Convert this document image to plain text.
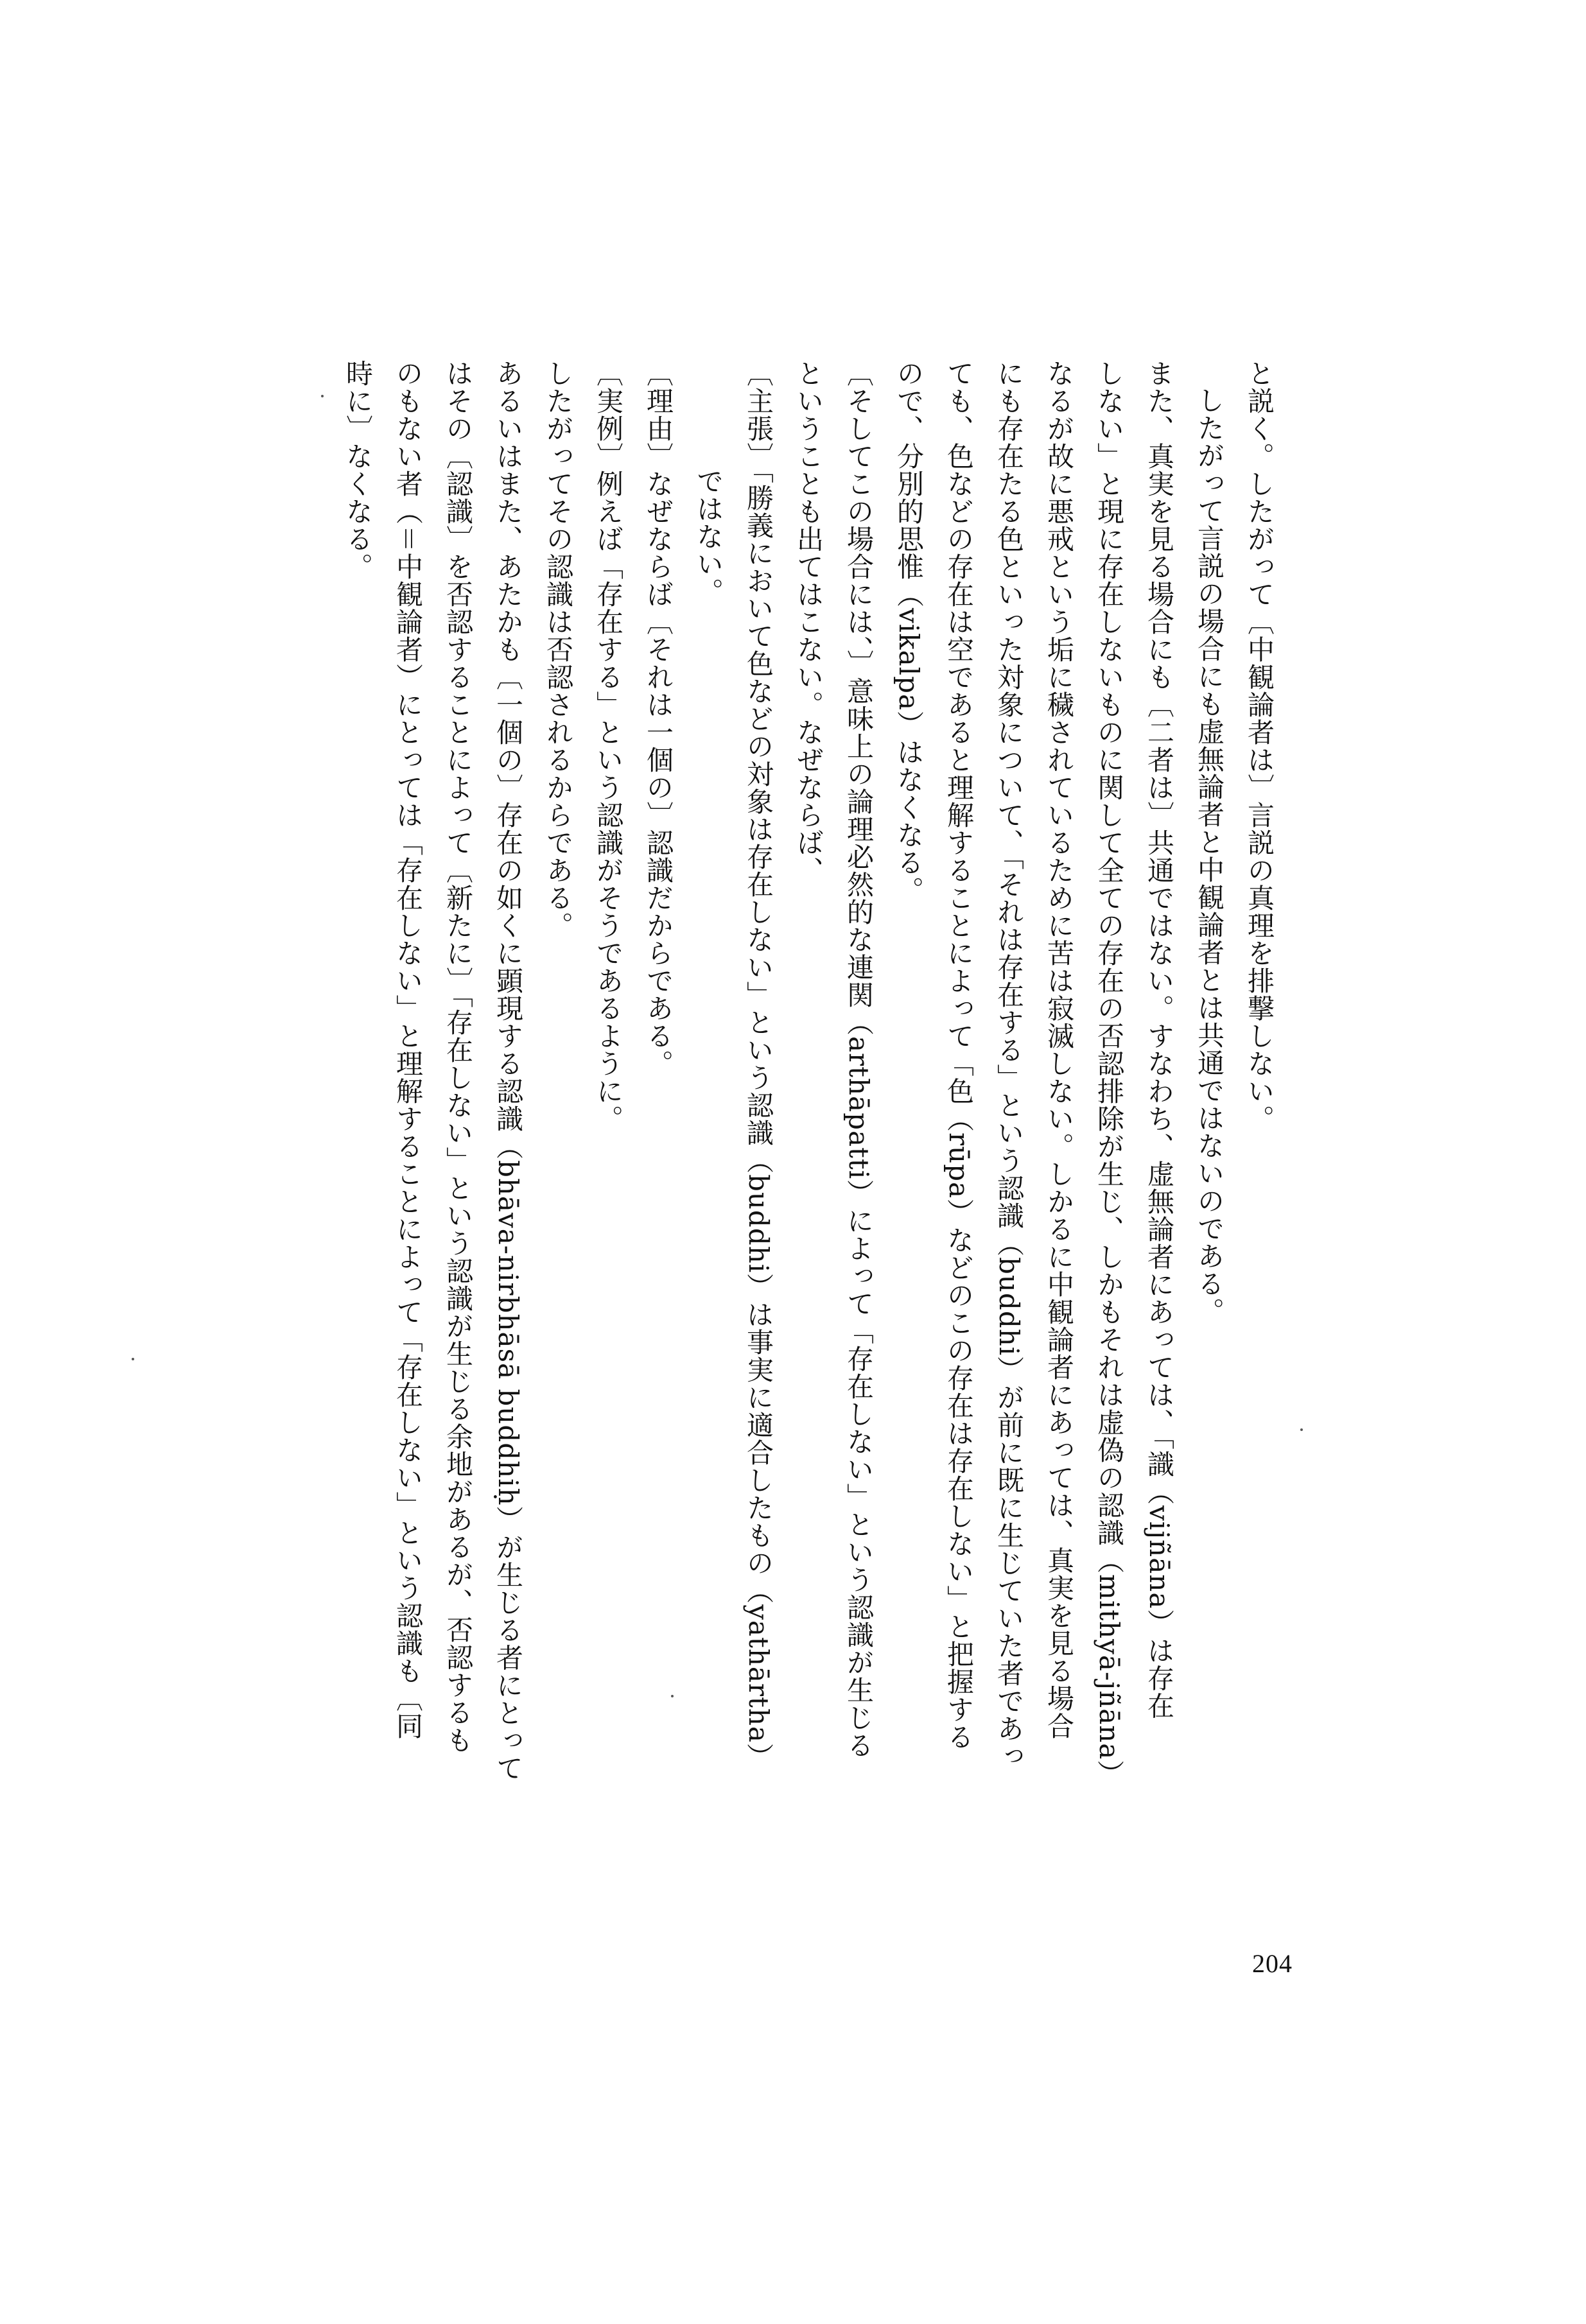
と説く。したがって〔中観論者は〕言説の真理を排撃しない。
したがって言説の場合にも虚無論者と中観論者とは共通ではないのである。
また、真実を見る場合にも〔二者は〕共通ではない。すなわち、虚無論者にあっては、「識（vijñāna）は存在
しない」と現に存在しないものに関して全ての存在の否認排除が生じ、しかもそれは虚偽の認識（mithyā-jñāna）
なるが故に悪戒という垢に穢されているために苦は寂滅しない。しかるに中観論者にあっては、真実を見る場合
にも存在たる色といった対象について、「それは存在する」という認識（buddhi）が前に既に生じていた者であっ
ても、色などの存在は空であると理解することによって「色（rūpa）などのこの存在は存在しない」と把握する
ので、分別的思惟（vikalpa）はなくなる。
〔そしてこの場合には、〕意味上の論理必然的な連関（arthāpatti）によって「存在しない」という認識が生じる
ということも出てはこない。なぜならば、
〔主張〕「勝義において色などの対象は存在しない」という認識（buddhi）は事実に適合したもの（yathārtha）
ではない。
〔理由〕なぜならば〔それは一個の〕認識だからである。
〔実例〕例えば「存在する」という認識がそうであるように。
したがってその認識は否認されるからである。
あるいはまた、あたかも〔一個の〕存在の如くに顕現する認識（bhāva-nirbhāsā buddhiḥ）が生じる者にとって
はその〔認識〕を否認することによって〔新たに〕「存在しない」という認識が生じる余地があるが、否認するも
のもない者（＝中観論者）にとっては「存在しない」と理解することによって「存在しない」という認識も〔同
時に〕なくなる。
204
